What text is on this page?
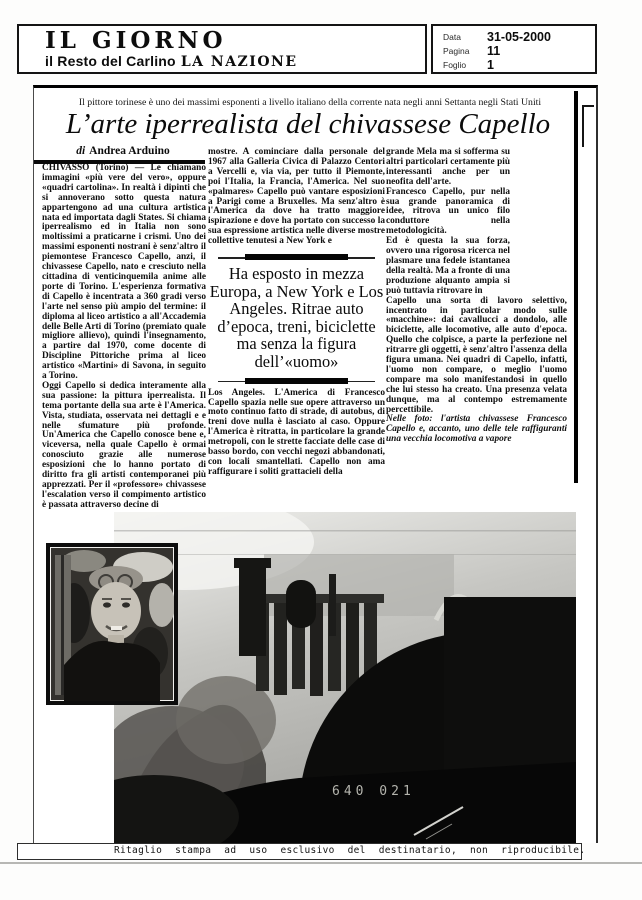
IL GIORNO
il Resto del Carlino LA NAZIONE
Data	31-05-2000
Pagina	11
Foglio	1
Il pittore torinese è uno dei massimi esponenti a livello italiano della corrente nata negli anni Settanta negli Stati Uniti
L’arte iperrealista del chivassese Capello
di Andrea Arduino

CHIVASSO (Torino) — Le chiamano immagini «più vere del vero», oppure «quadri cartolina». In realtà i dipinti che si annoverano sotto questa natura appartengono ad una cultura artistica nata ed importata dagli States. Si chiama iperrealismo ed in Italia non sono moltissimi a praticarne i crismi. Uno dei massimi esponenti nostrani è senz'altro il piemontese Francesco Capello, anzi, il chivassese Capello, nato e cresciuto nella cittadina di venticinquemila anime alle porte di Torino. L'esperienza formativa di Capello è incentrata a 360 gradi verso l'arte nel senso più ampio del termine: il diploma al liceo artistico a all'Accademia delle Belle Arti di Torino (premiato quale migliore allievo), quindi l'insegnamento, a partire dal 1970, come docente di Discipline Pittoriche prima al liceo artistico «Martini» di Savona, in seguito a Torino.

Oggi Capello si dedica interamente alla sua passione: la pittura iperrealista. Il tema portante della sua arte è l'America. Vista, studiata, osservata nei dettagli e e nelle sfumature più profonde. Un'America che Capello conosce bene e, viceversa, nella quale Capello è ormai conosciuto grazie alle numerose esposizioni che lo hanno portato di diritto fra gli artisti contemporanei più apprezzati. Per il «professore» chivassese l'escalation verso il compimento artistico è passata attraverso decine di

mostre. A cominciare dalla personale del 1967 alla Galleria Civica di Palazzo Centori a Vercelli e, via via, per tutto il Piemonte, poi l'Italia, la Francia, l'America. Nel suo «palmares» Capello può vantare esposizioni a Parigi come a Bruxelles. Ma senz'altro è l'America da dove ha tratto maggiore ispirazione e dove ha portato con successo la sua espressione artistica nelle diverse mostre collettive tenutesi a New York e

Ha esposto in mezza Europa, a New York e Los Angeles. Ritrae auto d’epoca, treni, biciclette ma senza la figura dell’«uomo»

Los Angeles. L'America di Francesco Capello spazia nelle sue opere attraverso un moto continuo fatto di strade, di autobus, di treni dove nulla è lasciato al caso. Oppure l'America è ritratta, in particolare la grande metropoli, con le strette facciate delle case di basso bordo, con vecchi negozi abbandonati, con locali smantellati. Capello non ama raffigurare i soliti grattacieli della

grande Mela ma si sofferma su altri particolari certamente più interessanti anche per un neofita dell'arte.

Francesco Capello, pur nella sua grande panoramica di idee, ritrova un unico filo conduttore nella metodologicità.

Ed è questa la sua forza, ovvero una rigorosa ricerca nel plasmare una fedele istantanea della realtà. Ma a fronte di una produzione alquanto ampia si può tuttavia ritrovare in

Capello una sorta di lavoro selettivo, incentrato in particolar modo sulle «macchine»: dai cavallucci a dondolo, alle biciclette, alle locomotive, alle auto d'epoca. Quello che colpisce, a parte la perfezione nel ritrarre gli oggetti, è senz'altro l'assenza della figura umana. Nei quadri di Capello, infatti, l'uomo non compare, o meglio l'uomo compare ma solo manifestandosi in quello che lui stesso ha creato. Una presenza velata dunque, ma al contempo estremamente percettibile.

Nelle foto: l'artista chivassese Francesco Capello e, accanto, uno delle tele raffiguranti una vecchia locomotiva a vapore

640 021
Ritaglio stampa ad uso esclusivo del destinatario, non riproducibile.
